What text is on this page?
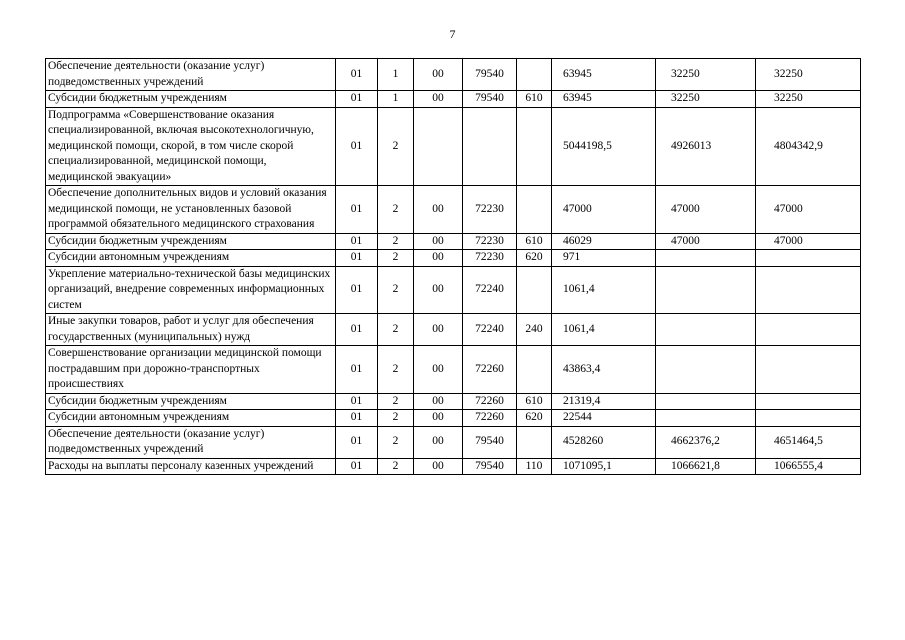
7
Обеспечение деятельности (оказание услуг) подведомственных учреждений	01	1	00	79540		63945	32250	32250
Субсидии бюджетным учреждениям	01	1	00	79540	610	63945	32250	32250
Подпрограмма «Совершенствование оказания специализированной, включая высокотехнологичную, медицинской помощи, скорой, в том числе скорой специализированной, медицинской помощи, медицинской эвакуации»	01	2				5044198,5	4926013	4804342,9
Обеспечение дополнительных видов и условий оказания медицинской помощи, не установленных базовой программой обязательного медицинского страхования	01	2	00	72230		47000	47000	47000
Субсидии бюджетным учреждениям	01	2	00	72230	610	46029	47000	47000
Субсидии автономным учреждениям	01	2	00	72230	620	971		
Укрепление материально-технической базы медицинских организаций, внедрение современных информационных систем	01	2	00	72240		1061,4		
Иные закупки товаров, работ и услуг для обеспечения государственных (муниципальных) нужд	01	2	00	72240	240	1061,4		
Совершенствование организации медицинской помощи пострадавшим при дорожно-транспортных происшествиях	01	2	00	72260		43863,4		
Субсидии бюджетным учреждениям	01	2	00	72260	610	21319,4		
Субсидии автономным учреждениям	01	2	00	72260	620	22544		
Обеспечение деятельности (оказание услуг) подведомственных учреждений	01	2	00	79540		4528260	4662376,2	4651464,5
Расходы на выплаты персоналу казенных учреждений	01	2	00	79540	110	1071095,1	1066621,8	1066555,4
